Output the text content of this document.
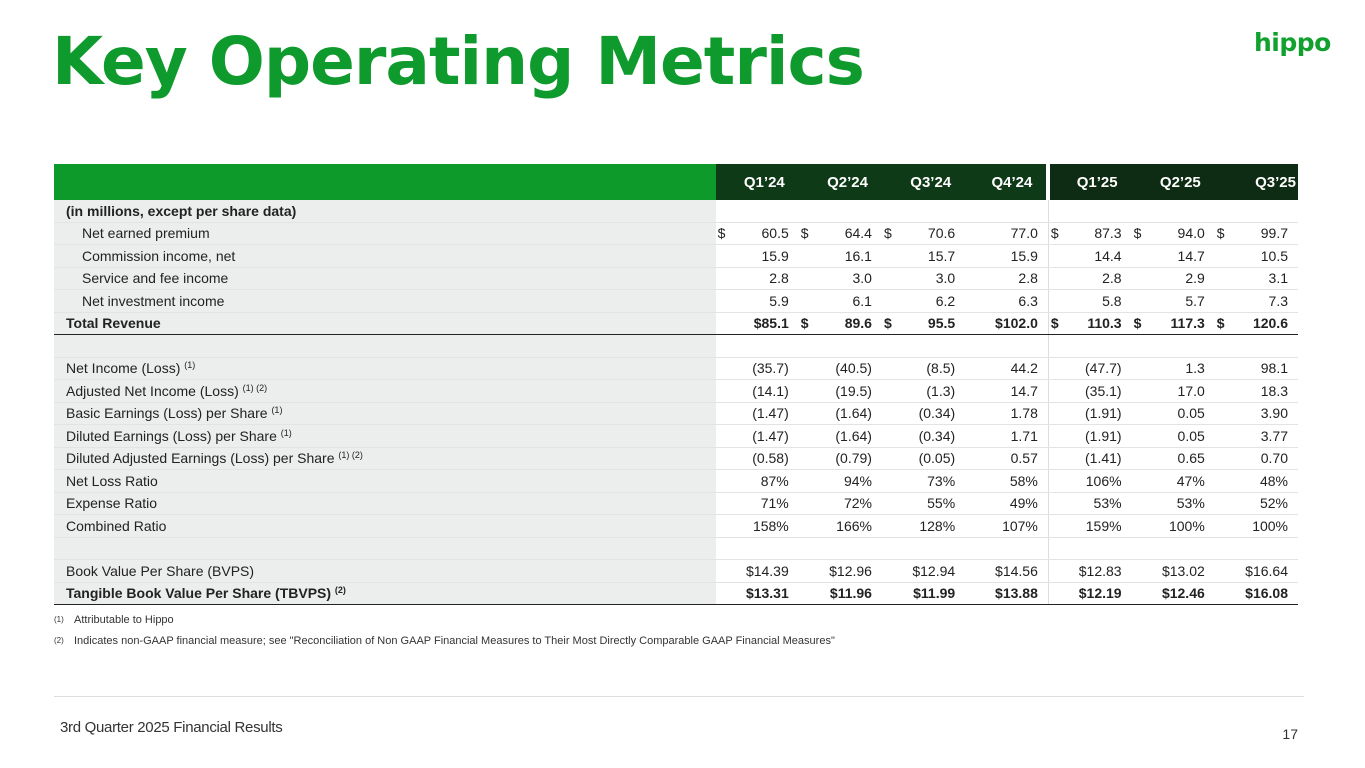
Key Operating Metrics	hippo
	Q1’24	Q2’24	Q3’24	Q4’24	Q1’25	Q2’25	Q3’25
(in millions, except per share data)							
Net earned premium	$ 60.5	$ 64.4	$ 70.6	77.0	$ 87.3	$ 94.0	$ 99.7

Commission income, net	15.9	16.1	15.7	15.9	14.4	14.7	10.5
Service and fee income	2.8	3.0	3.0	2.8	2.8	2.9	3.1
Net investment income	5.9	6.1	6.2	6.3	5.8	5.7	7.3
Total Revenue	$85.1	$ 89.6	$ 95.5	$102.0	$ 110.3	$ 117.3	$ 120.6

Net Income (Loss) $^{(1)}$	(35.7)	(40.5)	(8.5)	44.2	(47.7)	1.3	98.1
Adjusted Net Income (Loss) $^{(1) (2)}$	(14.1)	(19.5)	(1.3)	14.7	(35.1)	17.0	18.3
Basic Earnings (Loss) per Share $^{(1)}$	(1.47)	(1.64)	(0.34)	1.78	(1.91)	0.05	3.90
Diluted Earnings (Loss) per Share $^{(1)}$	(1.47)	(1.64)	(0.34)	1.71	(1.91)	0.05	3.77
Diluted Adjusted Earnings (Loss) per Share $^{(1) (2)}$	(0.58)	(0.79)	(0.05)	0.57	(1.41)	0.65	0.70
Net Loss Ratio	87%	94%	73%	58%	106%	47%	48%
Expense Ratio	71%	72%	55%	49%	53%	53%	52%
Combined Ratio	158%	166%	128%	107%	159%	100%	100%

Book Value Per Share (BVPS)	$14.39	$12.96	$12.94	$14.56	$12.83	$13.02	$16.64
Tangible Book Value Per Share (TBVPS) $^{(2)}$	$13.31	$11.96	$11.99	$13.88	$12.19	$12.46	$16.08
(1) Attributable to Hippo
(2) Indicates non-GAAP financial measure; see "Reconciliation of Non GAAP Financial Measures to Their Most Directly Comparable GAAP Financial Measures"
3rd Quarter 2025 Financial Results	17
